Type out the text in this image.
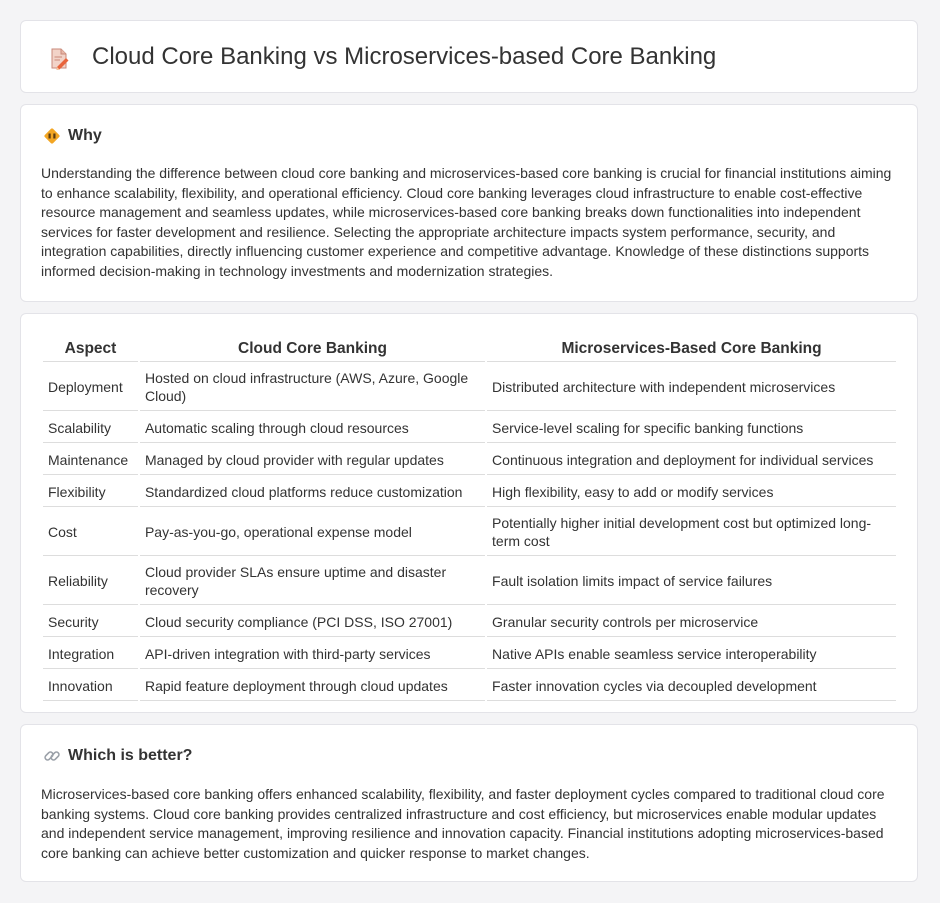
Cloud Core Banking vs Microservices-based Core Banking
Why

Understanding the difference between cloud core banking and microservices-based core banking is crucial for financial institutions aiming to enhance scalability, flexibility, and operational efficiency. Cloud core banking leverages cloud infrastructure to enable cost-effective resource management and seamless updates, while microservices-based core banking breaks down functionalities into independent services for faster development and resilience. Selecting the appropriate architecture impacts system performance, security, and integration capabilities, directly influencing customer experience and competitive advantage. Knowledge of these distinctions supports informed decision-making in technology investments and modernization strategies.

Aspect	Cloud Core Banking	Microservices-Based Core Banking
Deployment	Hosted on cloud infrastructure (AWS, Azure, Google Cloud)	Distributed architecture with independent microservices
Scalability	Automatic scaling through cloud resources	Service-level scaling for specific banking functions
Maintenance	Managed by cloud provider with regular updates	Continuous integration and deployment for individual services
Flexibility	Standardized cloud platforms reduce customization	High flexibility, easy to add or modify services
Cost	Pay-as-you-go, operational expense model	Potentially higher initial development cost but optimized long-term cost
Reliability	Cloud provider SLAs ensure uptime and disaster recovery	Fault isolation limits impact of service failures
Security	Cloud security compliance (PCI DSS, ISO 27001)	Granular security controls per microservice
Integration	API-driven integration with third-party services	Native APIs enable seamless service interoperability
Innovation	Rapid feature deployment through cloud updates	Faster innovation cycles via decoupled development
Which is better?

Microservices-based core banking offers enhanced scalability, flexibility, and faster deployment cycles compared to traditional cloud core banking systems. Cloud core banking provides centralized infrastructure and cost efficiency, but microservices enable modular updates and independent service management, improving resilience and innovation capacity. Financial institutions adopting microservices-based core banking can achieve better customization and quicker response to market changes.
